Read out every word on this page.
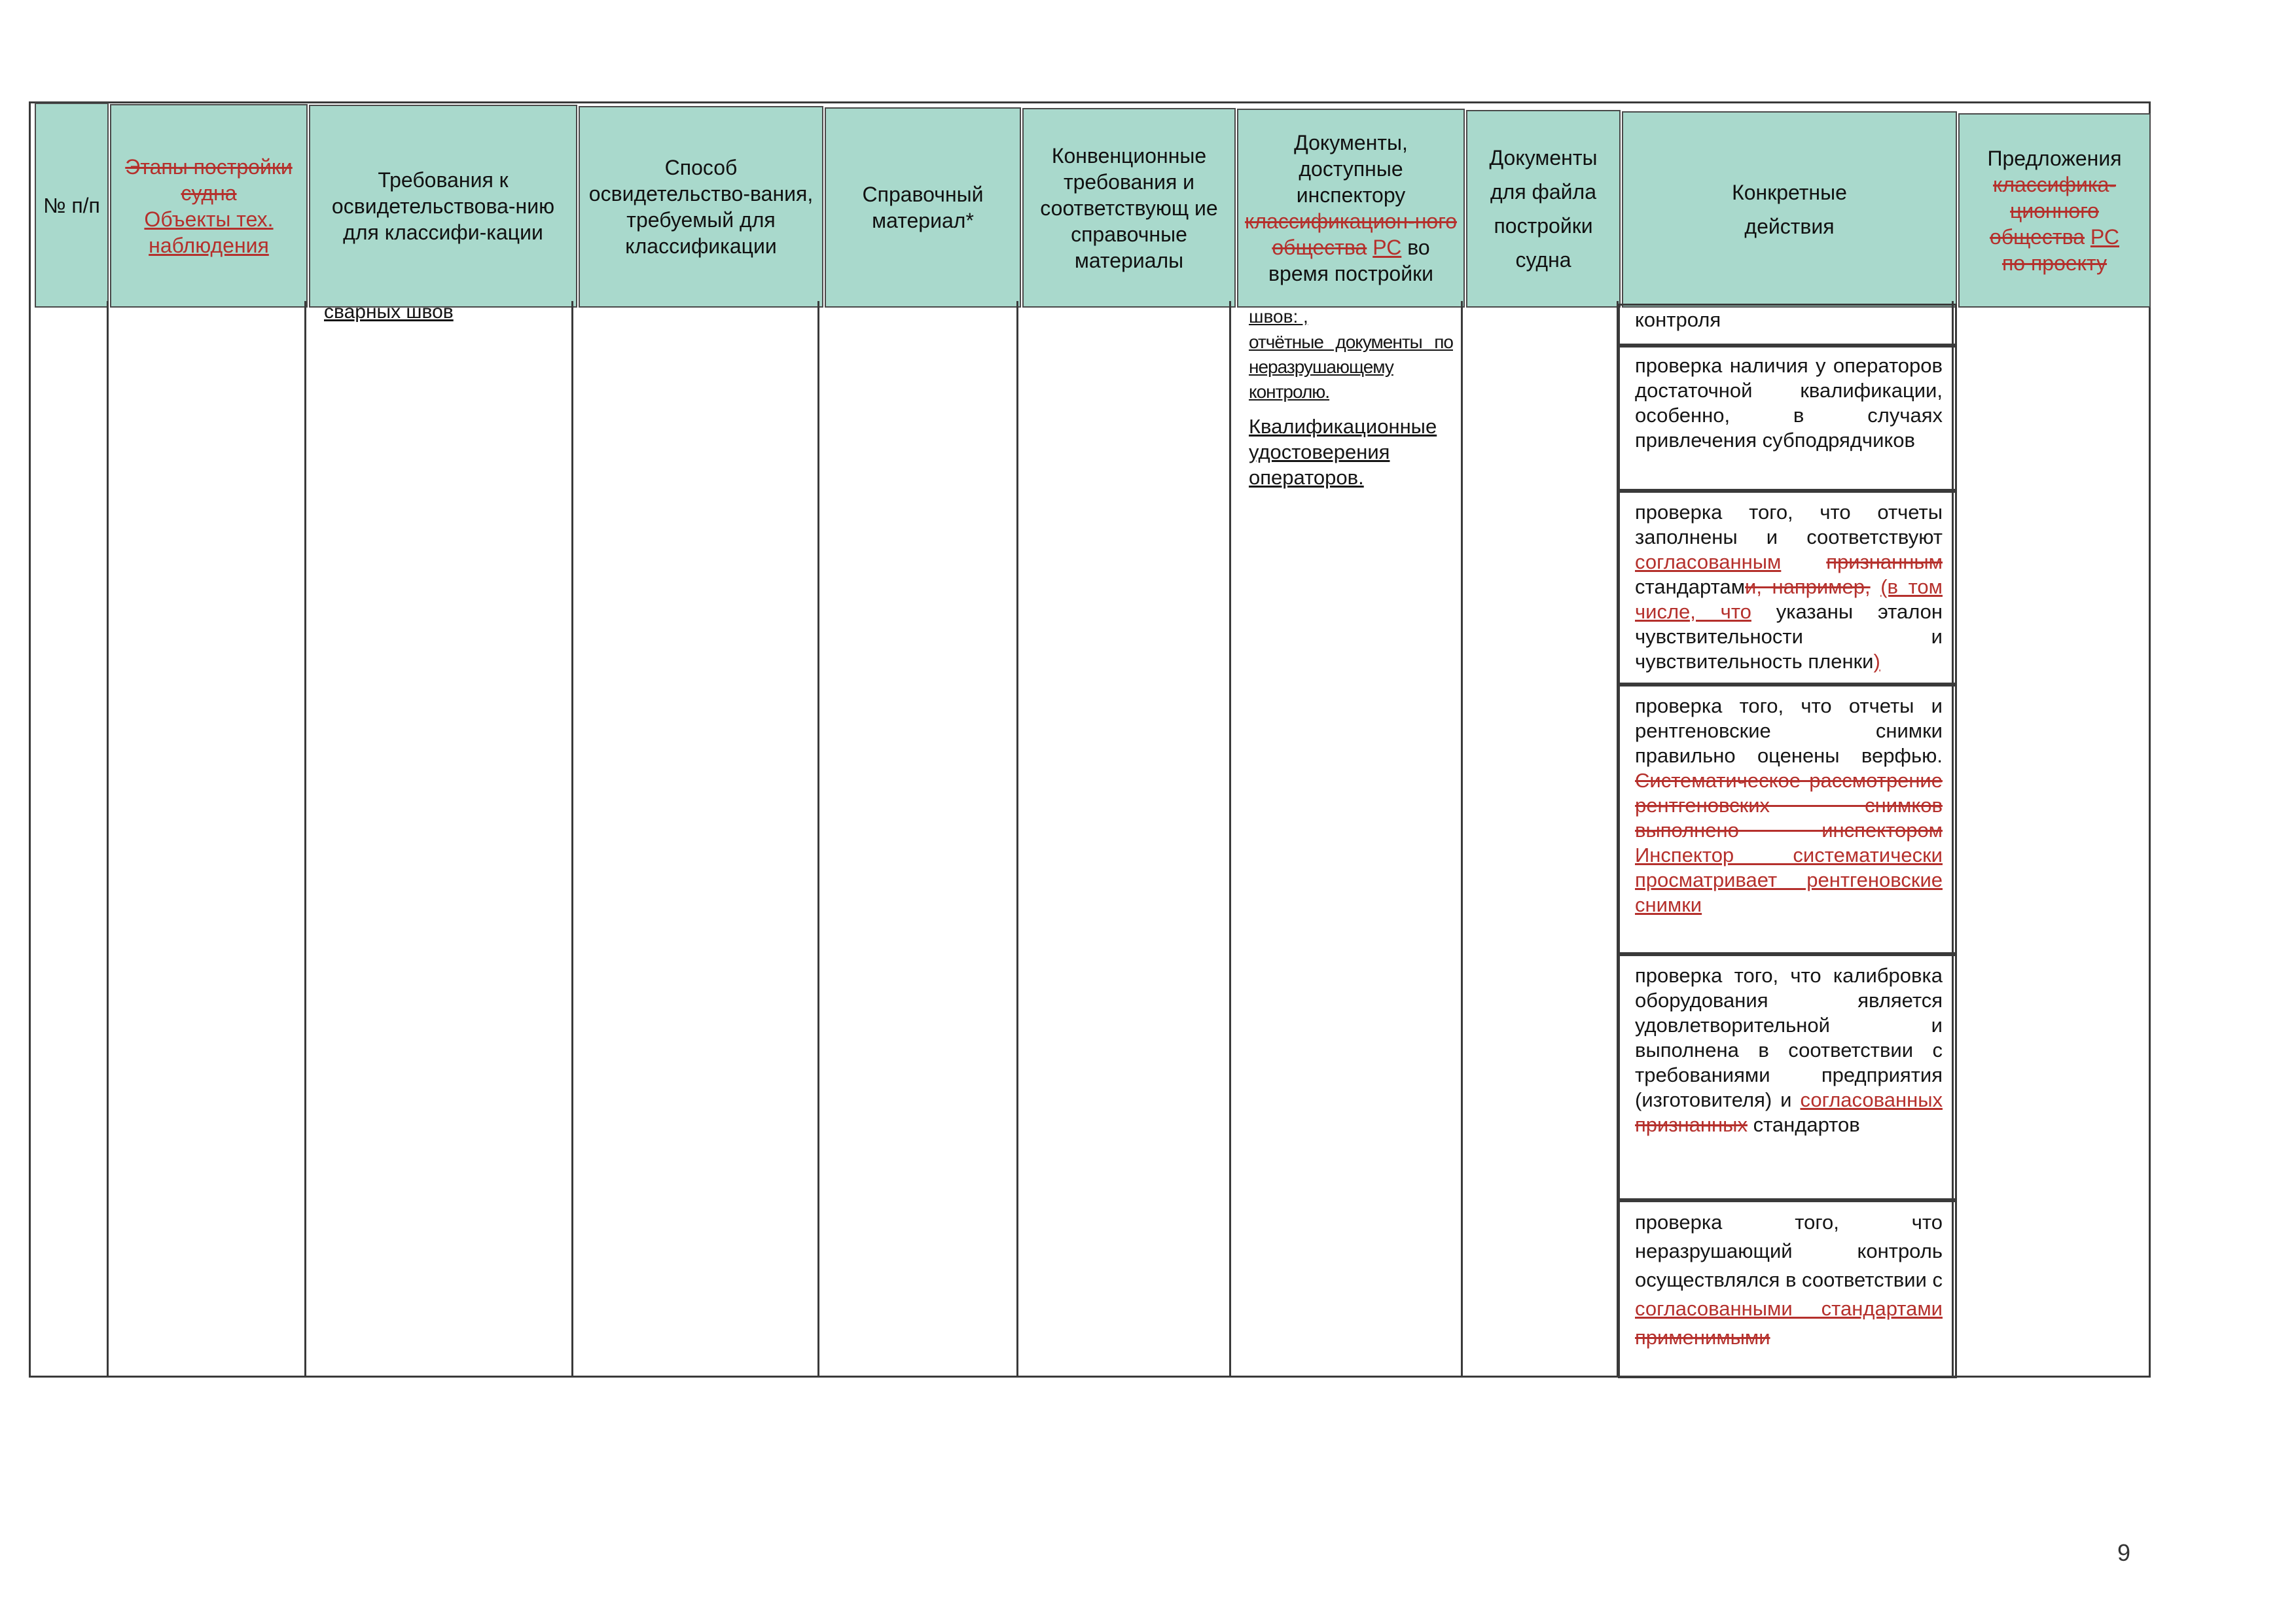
№ п/п
Этапы постройки судна
Объекты тех. наблюдения
Требования к освидетельствова-нию для классифи-кации
Способ освидетельство-вания, требуемый для классификации
Справочный материал*
Конвенционные требования и соответствующ ие справочные материалы
Документы, доступные инспектору классификацион-ного общества РС во время постройки
Документы для файла постройки судна
Конкретные действия
Предложения
классифика-ционного общества РС
по проекту
сварных швов	швов: ,
отчётные документы по неразрушающему контролю.
Квалификационные удостоверения операторов.
контроля
проверка наличия у операторов достаточной квалификации, особенно, в случаях привлечения субподрядчиков
проверка того, что отчеты заполнены и соответствуют согласованным признанным стандартами, например, (в том числе, что указаны эталон чувствительности и чувствительность пленки)
проверка того, что отчеты и рентгеновские снимки правильно оценены верфью. Систематическое рассмотрение рентгеновских снимков выполнено инспектором Инспектор систематически просматривает рентгеновские снимки
проверка того, что калибровка оборудования является удовлетворительной и выполнена в соответствии с требованиями предприятия (изготовителя) и согласованных признанных стандартов
проверка того, что неразрушающий контроль осуществлялся в соответствии с согласованными стандартами применимыми
9
